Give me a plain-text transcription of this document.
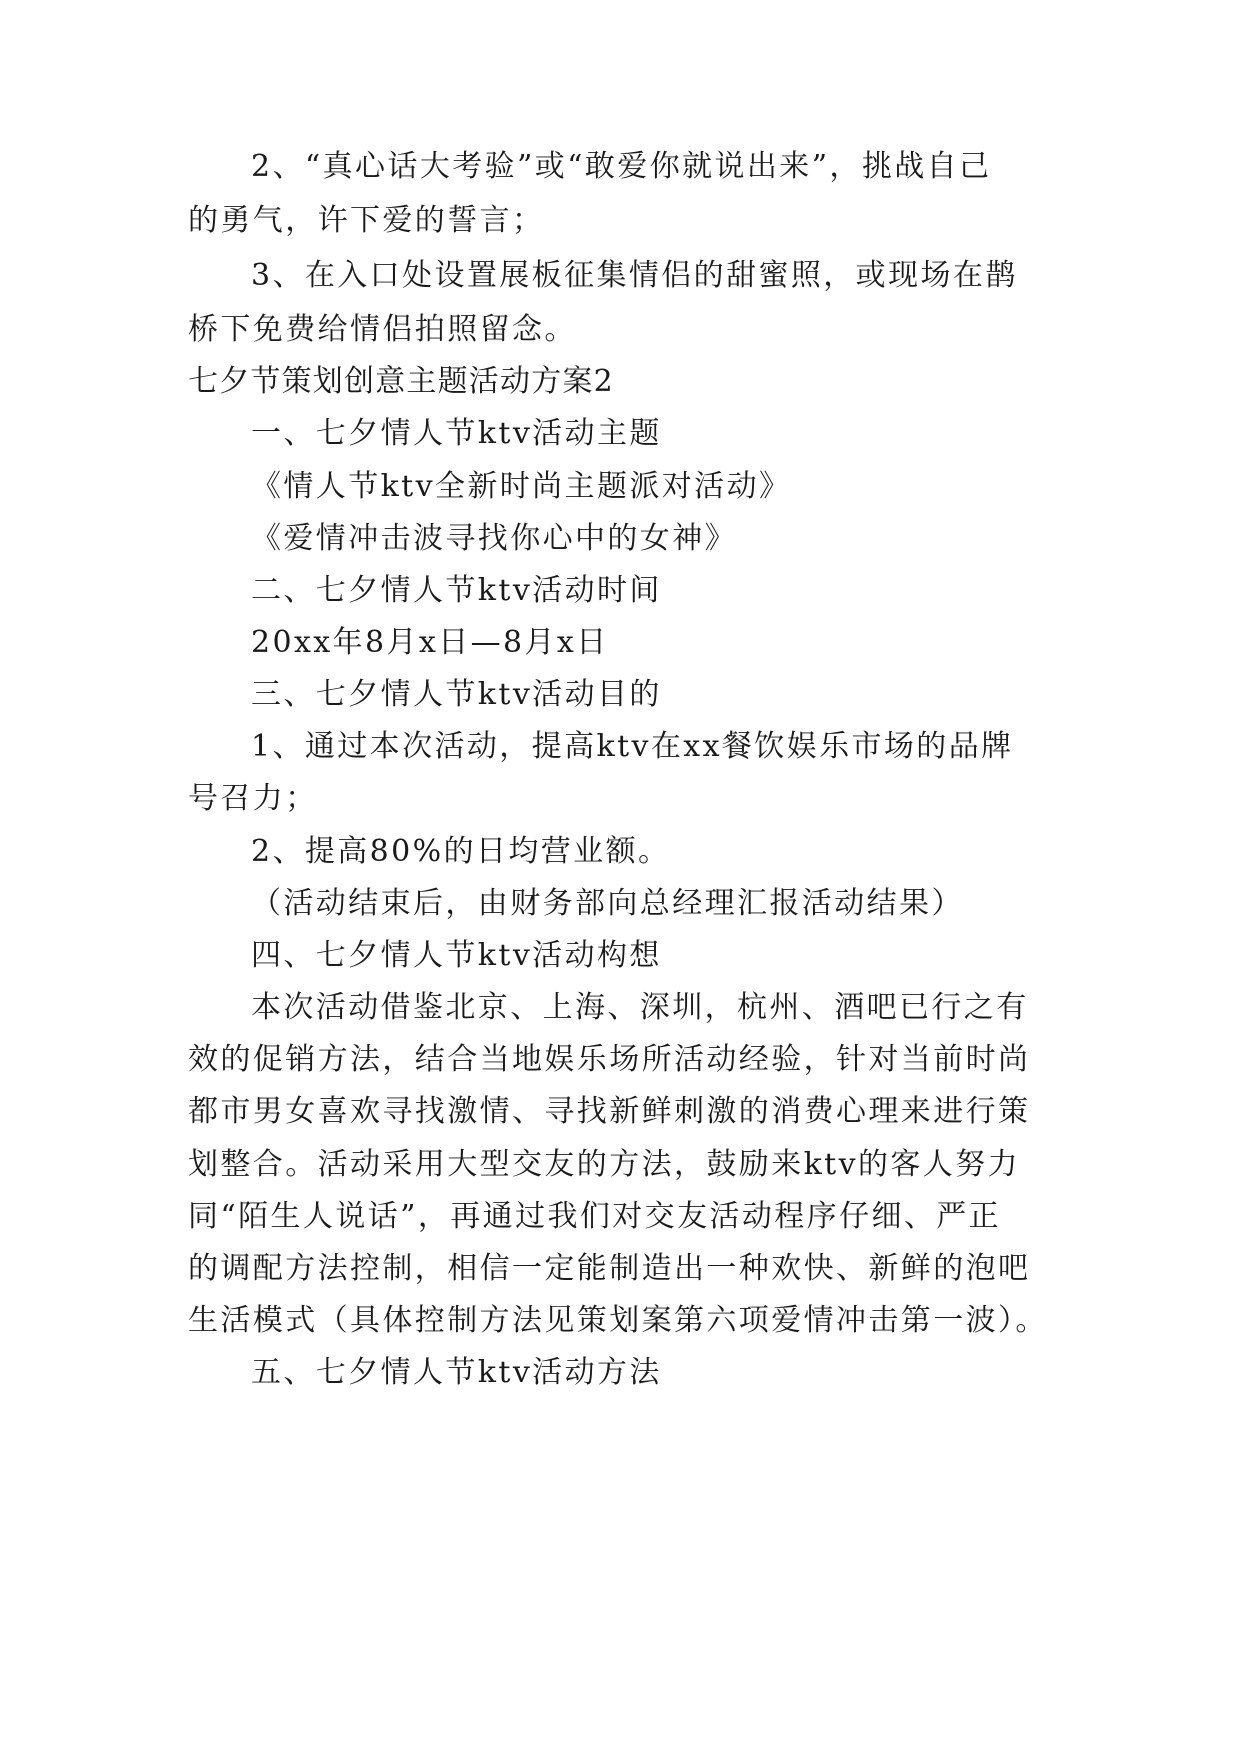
2、“真心话大考验”或“敢爱你就说出来”，挑战自己
的勇气，许下爱的誓言；
3、在入口处设置展板征集情侣的甜蜜照，或现场在鹊
桥下免费给情侣拍照留念。
七夕节策划创意主题活动方案2
一、七夕情人节ktv活动主题
《情人节ktv全新时尚主题派对活动》
《爱情冲击波寻找你心中的女神》
二、七夕情人节ktv活动时间
20xx年8月x日—8月x日
三、七夕情人节ktv活动目的
1、通过本次活动，提高ktv在xx餐饮娱乐市场的品牌
号召力；
2、提高80%的日均营业额。
（活动结束后，由财务部向总经理汇报活动结果）
四、七夕情人节ktv活动构想
本次活动借鉴北京、上海、深圳，杭州、酒吧已行之有
效的促销方法，结合当地娱乐场所活动经验，针对当前时尚
都市男女喜欢寻找激情、寻找新鲜刺激的消费心理来进行策
划整合。活动采用大型交友的方法，鼓励来ktv的客人努力
同“陌生人说话”，再通过我们对交友活动程序仔细、严正
的调配方法控制，相信一定能制造出一种欢快、新鲜的泡吧
生活模式（具体控制方法见策划案第六项爱情冲击第一波）。
五、七夕情人节ktv活动方法
